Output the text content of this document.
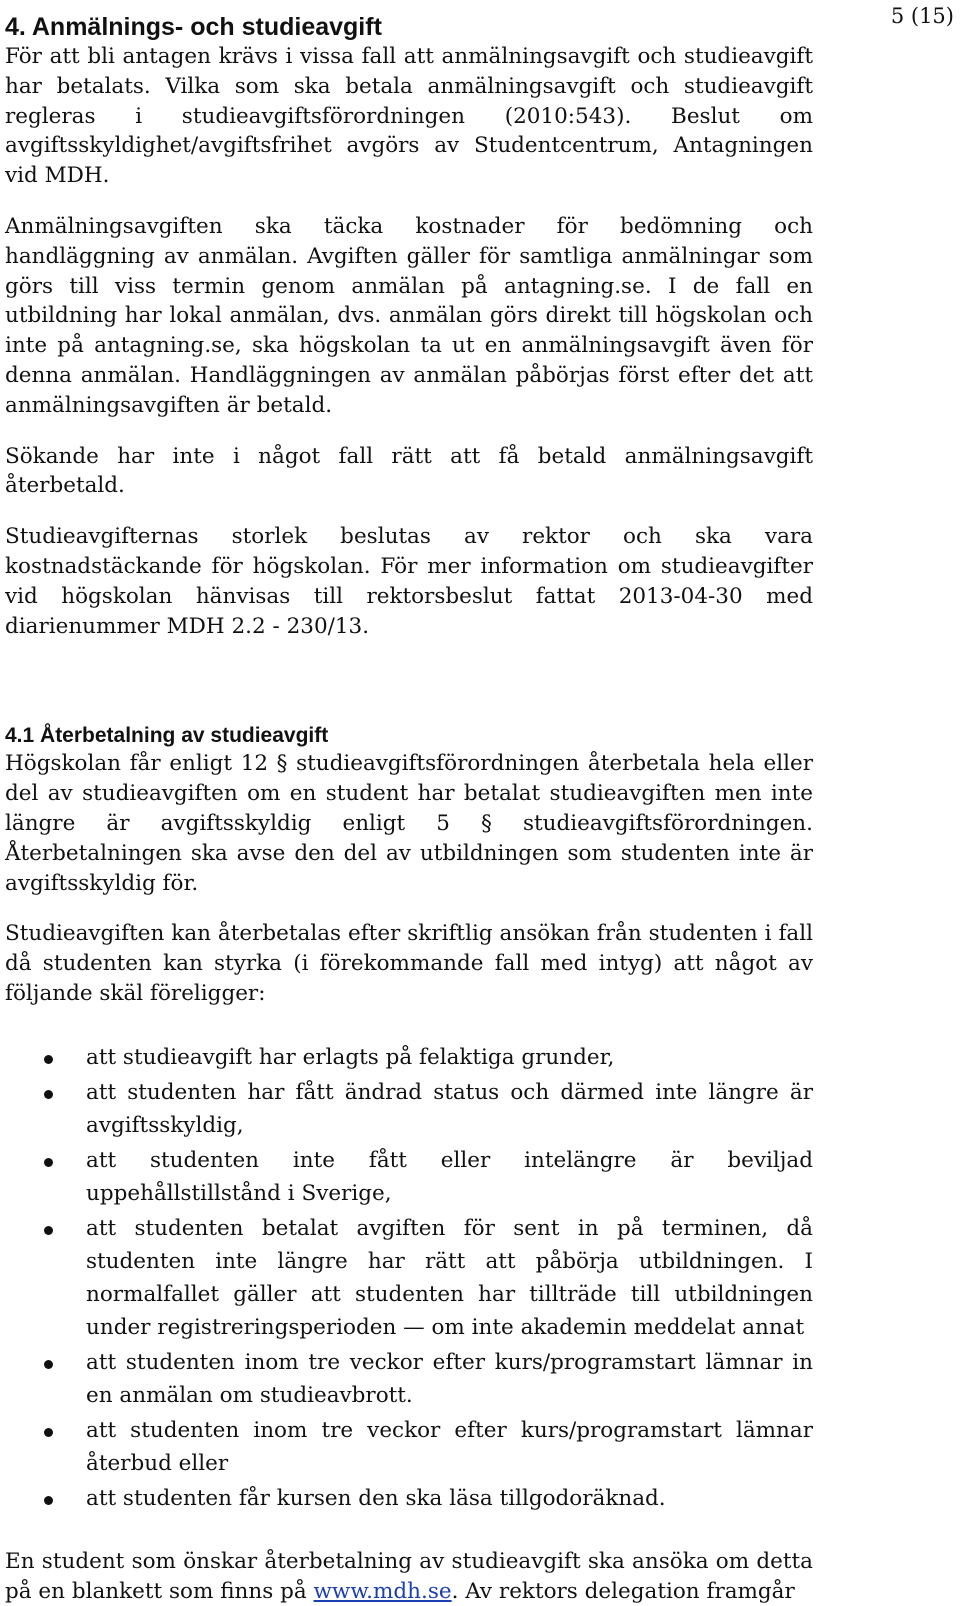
5 (15)
4. Anmälnings- och studieavgift

För att bli antagen krävs i vissa fall att anmälningsavgift och studieavgift har betalats. Vilka som ska betala anmälningsavgift och studieavgift regleras i studieavgiftsförordningen (2010:543). Beslut om avgiftsskyldighet/avgiftsfrihet avgörs av Studentcentrum, Antagningen vid MDH.

Anmälningsavgiften ska täcka kostnader för bedömning och handläggning av anmälan. Avgiften gäller för samtliga anmälningar som görs till viss termin genom anmälan på antagning.se. I de fall en utbildning har lokal anmälan, dvs. anmälan görs direkt till högskolan och inte på antagning.se, ska högskolan ta ut en anmälningsavgift även för denna anmälan. Handläggningen av anmälan påbörjas först efter det att anmälningsavgiften är betald.

Sökande har inte i något fall rätt att få betald anmälningsavgift återbetald.

Studieavgifternas storlek beslutas av rektor och ska vara kostnadstäckande för högskolan. För mer information om studieavgifter vid högskolan hänvisas till rektorsbeslut fattat 2013-04-30 med diarienummer MDH 2.2 - 230/13.

4.1 Återbetalning av studieavgift

Högskolan får enligt 12 § studieavgiftsförordningen återbetala hela eller del av studieavgiften om en student har betalat studieavgiften men inte längre är avgiftsskyldig enligt 5 § studieavgiftsförordningen. Återbetalningen ska avse den del av utbildningen som studenten inte är avgiftsskyldig för.

Studieavgiften kan återbetalas efter skriftlig ansökan från studenten i fall då studenten kan styrka (i förekommande fall med intyg) att något av följande skäl föreligger:

att studieavgift har erlagts på felaktiga grunder,
att studenten har fått ändrad status och därmed inte längre är avgiftsskyldig,
att studenten inte fått eller intelängre är beviljad uppehållstillstånd i Sverige,
att studenten betalat avgiften för sent in på terminen, då studenten inte längre har rätt att påbörja utbildningen. I normalfallet gäller att studenten har tillträde till utbildningen under registreringsperioden — om inte akademin meddelat annat
att studenten inom tre veckor efter kurs/programstart lämnar in en anmälan om studieavbrott.
att studenten inom tre veckor efter kurs/programstart lämnar återbud eller
att studenten får kursen den ska läsa tillgodoräknad.

En student som önskar återbetalning av studieavgift ska ansöka om detta på en blankett som finns på www.mdh.se. Av rektors delegation framgår
